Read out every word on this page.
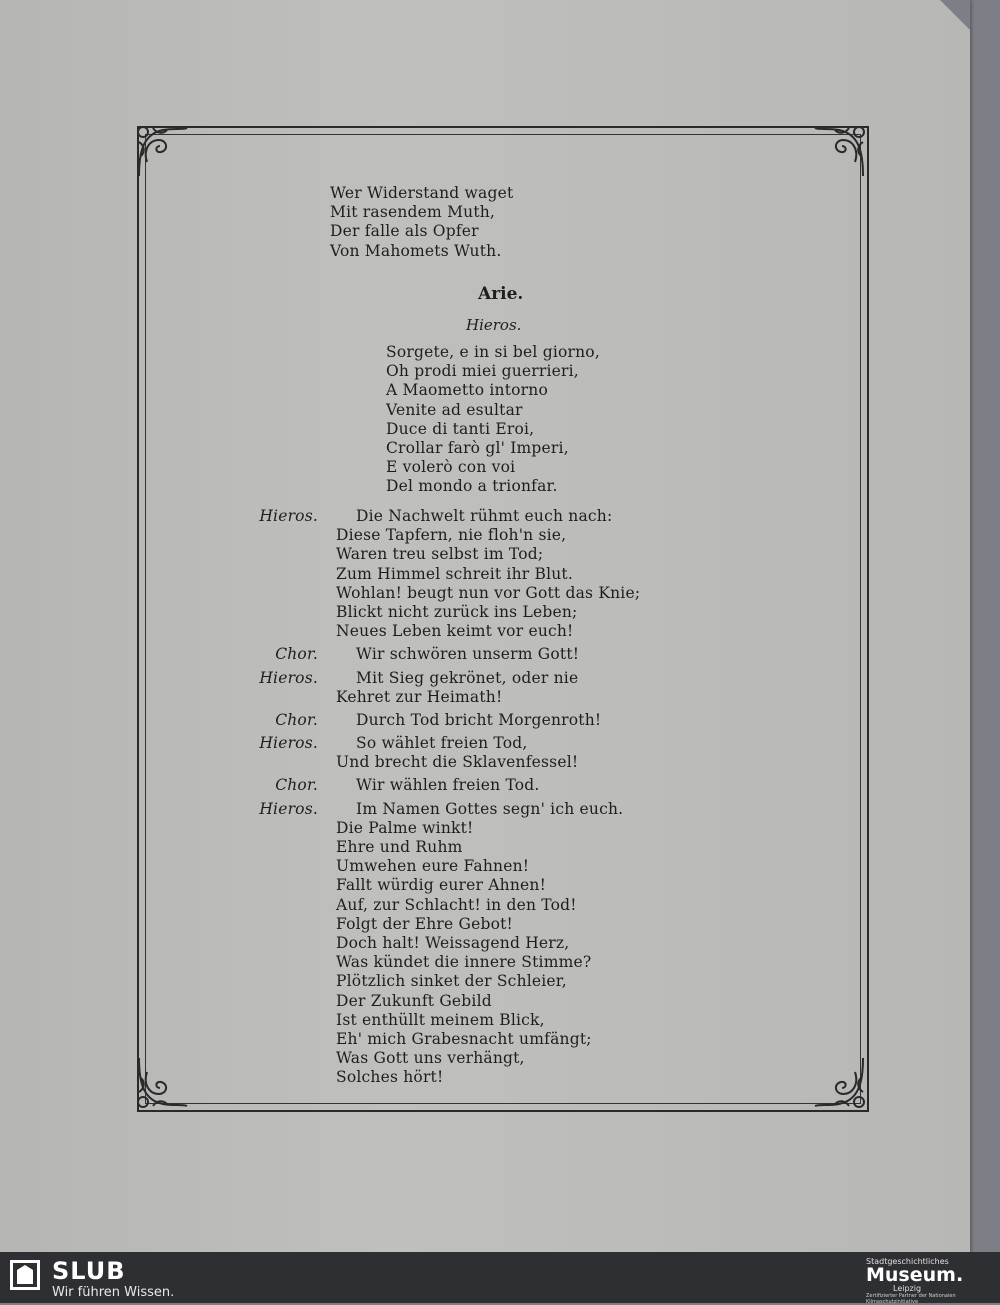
Wer Widerstand waget
Mit rasendem Muth,
Der falle als Opfer
Von Mahomets Wuth.
Arie.
Hieros.
Sorgete, e in si bel giorno,
Oh prodi miei guerrieri,
A Maometto intorno
Venite ad esultar
Duce di tanti Eroi,
Crollar farò gl' Imperi,
E volerò con voi
Del mondo a trionfar.
Hieros. Die Nachwelt rühmt euch nach:
Diese Tapfern, nie floh'n sie,
Waren treu selbst im Tod;
Zum Himmel schreit ihr Blut.
Wohlan! beugt nun vor Gott das Knie;
Blickt nicht zurück ins Leben;
Neues Leben keimt vor euch!
Chor. Wir schwören unserm Gott!
Hieros. Mit Sieg gekrönet, oder nie
Kehret zur Heimath!
Chor. Durch Tod bricht Morgenroth!
Hieros. So wählet freien Tod,
Und brecht die Sklavenfessel!
Chor. Wir wählen freien Tod.
Hieros. Im Namen Gottes segn' ich euch.
Die Palme winkt!
Ehre und Ruhm
Umwehen eure Fahnen!
Fallt würdig eurer Ahnen!
Auf, zur Schlacht! in den Tod!
Folgt der Ehre Gebot!
Doch halt! Weissagend Herz,
Was kündet die innere Stimme?
Plötzlich sinket der Schleier,
Der Zukunft Gebild
Ist enthüllt meinem Blick,
Eh' mich Grabesnacht umfängt;
Was Gott uns verhängt,
Solches hört!
SLUB
Wir führen Wissen.
Stadtgeschichtliches
Museum.
Leipzig
Zertifizierter Partner der Nationalen Klimaschutzinitiative
